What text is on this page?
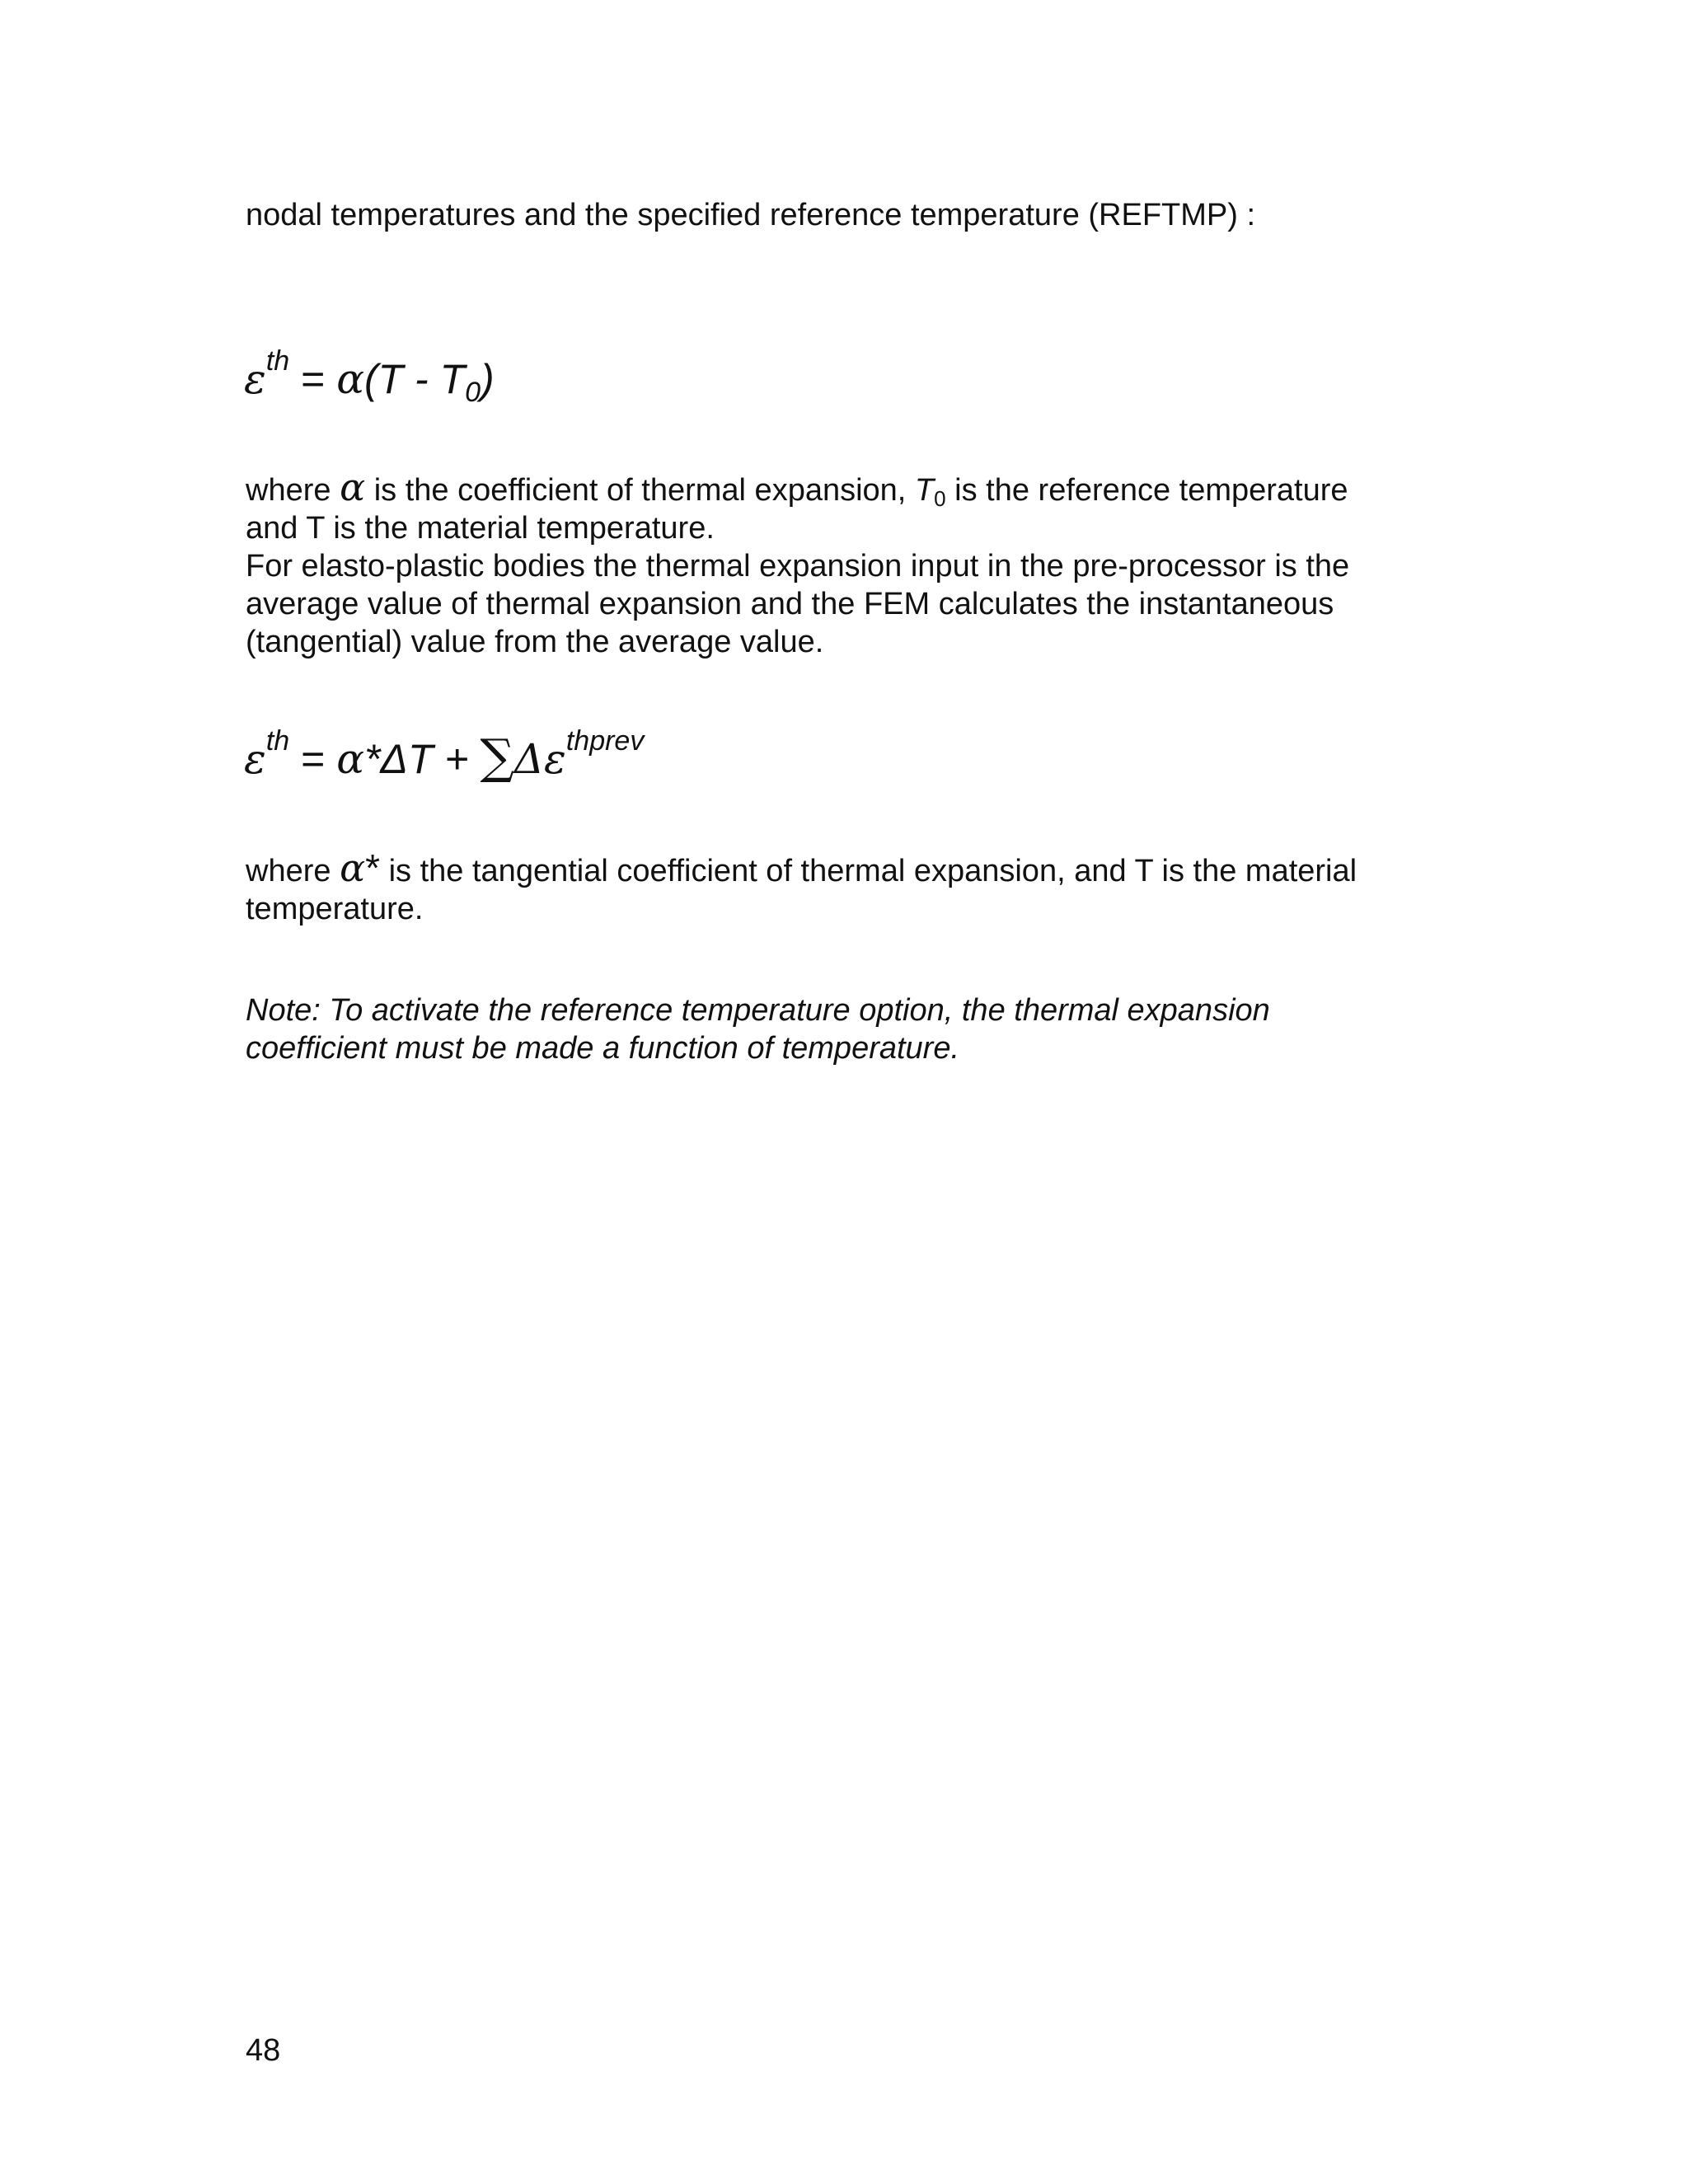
nodal temperatures and the specified reference temperature (REFTMP) :

$\varepsilon^{th} = \alpha(T - T_0)$

where α is the coefficient of thermal expansion, T0 is the reference temperature
and T is the material temperature.
For elasto-plastic bodies the thermal expansion input in the pre-processor is the
average value of thermal expansion and the FEM calculates the instantaneous
(tangential) value from the average value.

$\varepsilon^{th} = \alpha*\Delta T + \sum\Delta\varepsilon^{thprev}$

where α* is the tangential coefficient of thermal expansion, and T is the material
temperature.

Note: To activate the reference temperature option, the thermal expansion
coefficient must be made a function of temperature.

48
